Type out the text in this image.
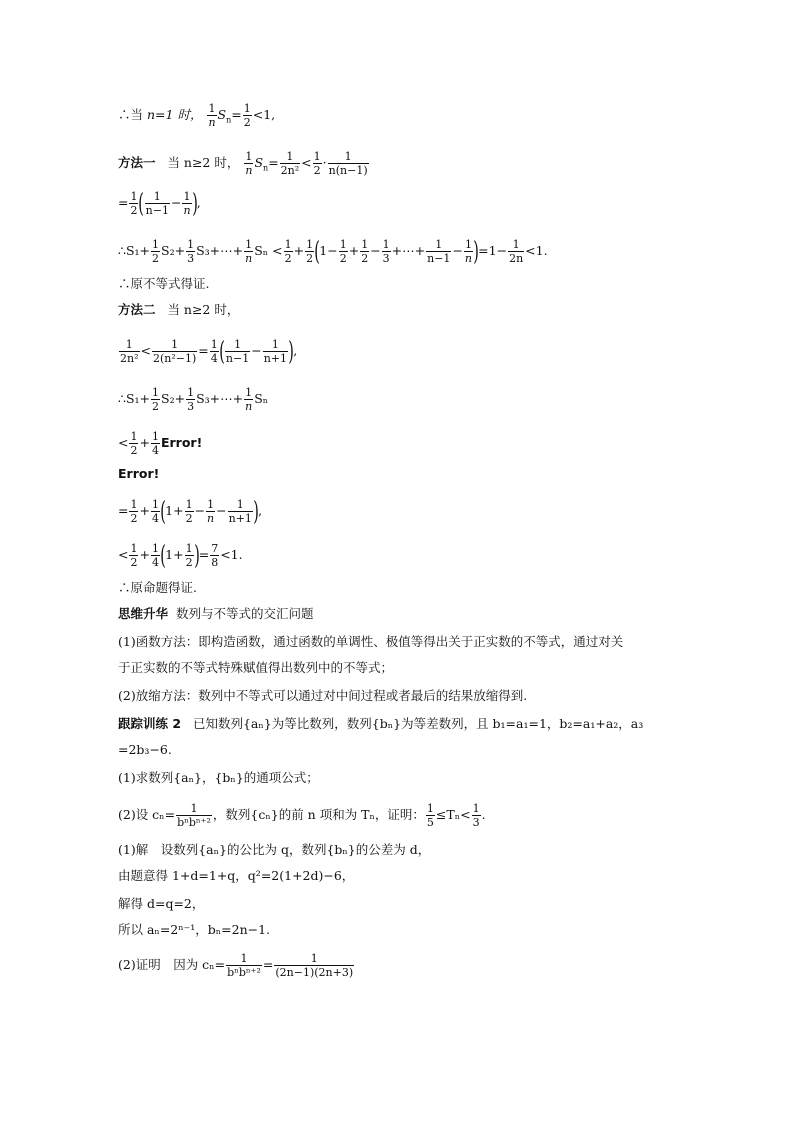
∴当 n=1 时， $\frac{1}{n} S_n= \frac{1}{2} <1$,
方法一 当 n≥2 时， $\frac{1}{n} S_n= \frac{1}{\text{2n²}} < \frac{1}{2} \cdot \frac{1}{n(n-1)}$
= $\frac{1}{2}$ ( $\frac{1}{n-1} - \frac{1}{n}$ ),
∴S₁+ $\frac{1}{2} S_2+ \frac{1}{3}$ S₃+⋯+ $\frac{1}{n}$ $S_n < \frac{1}{2} + \frac{1}{2} (1- \frac{1}{2} + \frac{1}{2} - \frac{1}{3}$ +⋯+ $\frac{1}{n-1} - \frac{1}{n} )=1- \frac{1}{2n} <1$.
∴原不等式得证.
方法二 当 n≥2 时，
$\frac{1}{\text{2n²}} < \frac{1}{\text{2(n²−1)}} = \frac{1}{4}$ ( $\frac{1}{n-1} - \frac{1}{n+1}$ ),
∴S₁+ $\frac{1}{2} S_2+ \frac{1}{3}$ S₃+⋯+ $\frac{1}{n}$ Sₙ
< $\frac{1}{2} + \frac{1}{4}$ Error!
Error!
= $\frac{1}{2} + \frac{1}{4} (1+ \frac{1}{2} - \frac{1}{n} - \frac{1}{n+1}$ ),
< $\frac{1}{2} + \frac{1}{4} (1+ \frac{1}{2}$ )= $\frac{7}{8} <1$.
∴原命题得证.
思维升华 数列与不等式的交汇问题
(1)函数方法：即构造函数，通过函数的单调性、极值等得出关于正实数的不等式，通过对关
于正实数的不等式特殊赋值得出数列中的不等式；
(2)放缩方法：数列中不等式可以通过对中间过程或者最后的结果放缩得到.
跟踪训练 2 已知数列{aₙ}为等比数列，数列{bₙ}为等差数列，且 b₁=a₁=1，b₂=a₁+a₂，a₃
=2b₃−6.
(1)求数列{aₙ}，{bₙ}的通项公式；
(2)设 cₙ=	1
bⁿbⁿ⁺²
，数列{cₙ}的前 n 项和为 Tₙ，证明： $\frac{1}{5} \le T_n< \frac{1}{3}$ .
(1)解　设数列{aₙ}的公比为 q，数列{bₙ}的公差为 d，
由题意得 1+d=1+q，q²=2(1+2d)−6，
解得 d=q=2，
所以 aₙ=2ⁿ⁻¹，bₙ=2n−1.
(2)证明　因为 cₙ=	1
bⁿbⁿ⁺²
= $\frac{1}{(2n-1)(2n+3)}$
